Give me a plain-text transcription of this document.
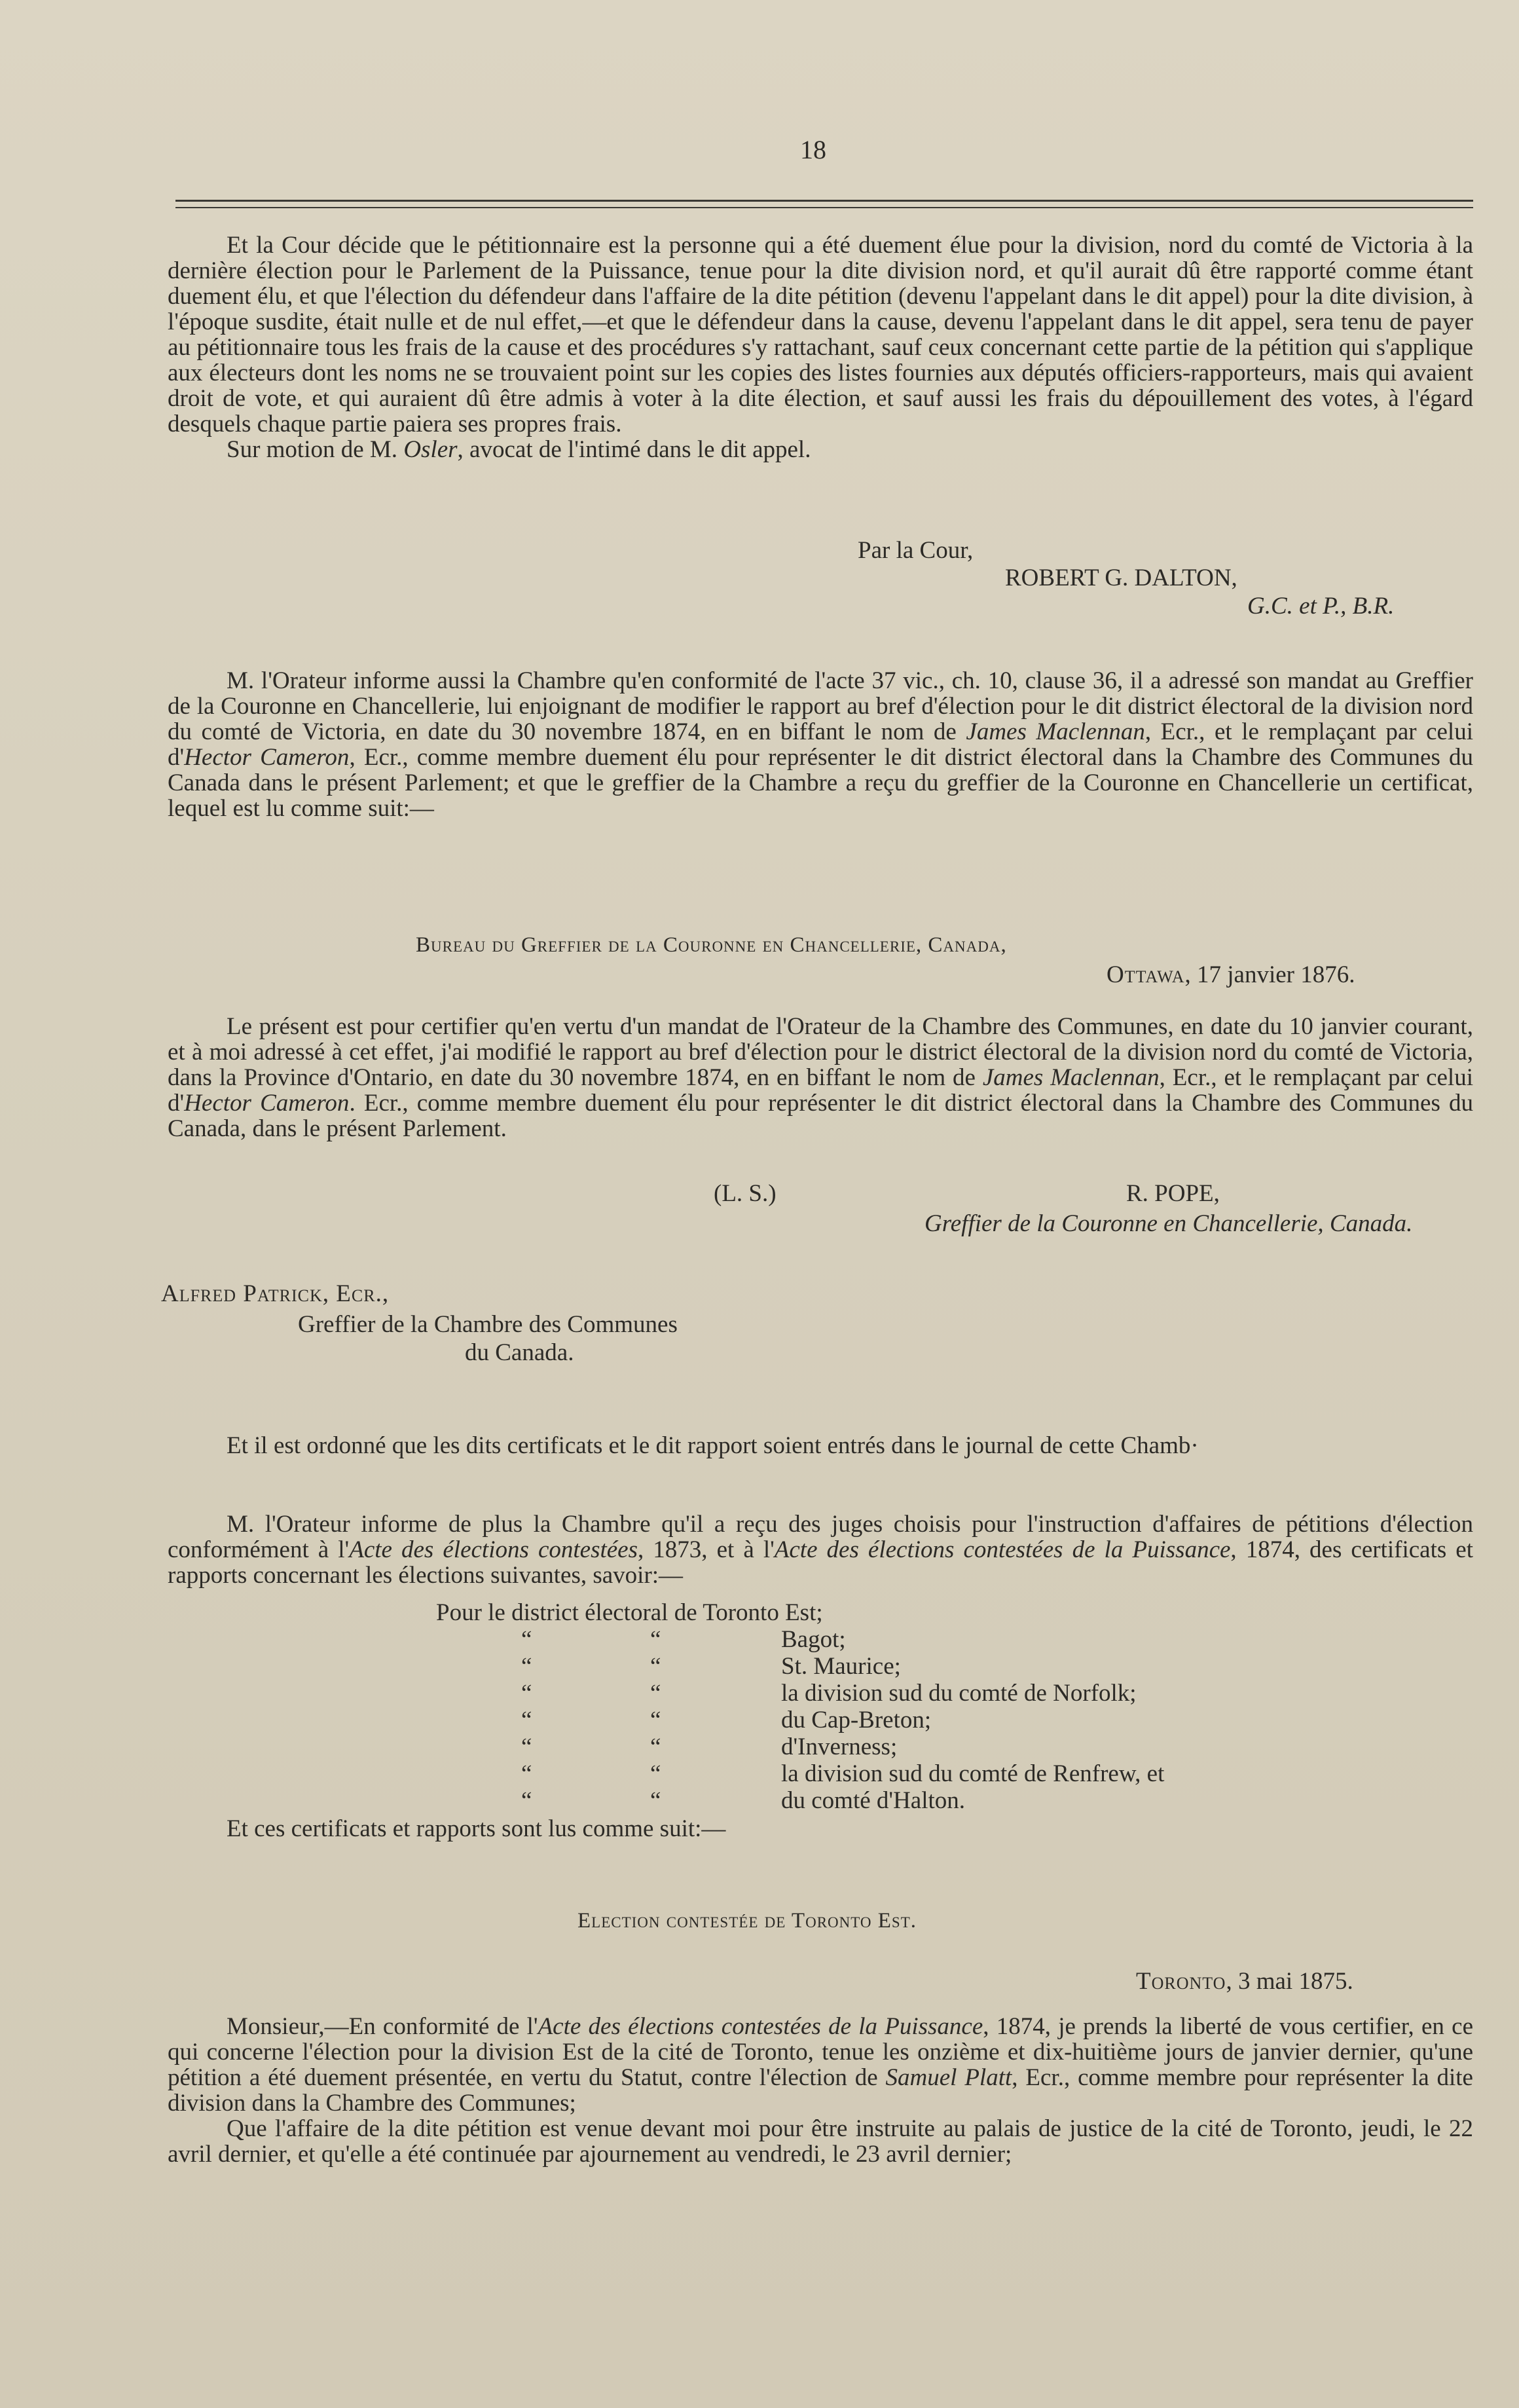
18

Et la Cour décide que le pétitionnaire est la personne qui a été duement élue pour la division, nord du comté de Victoria à la dernière élection pour le Parlement de la Puissance, tenue pour la dite division nord, et qu'il aurait dû être rapporté comme étant duement élu, et que l'élection du défendeur dans l'affaire de la dite pétition (devenu l'appelant dans le dit appel) pour la dite division, à l'époque susdite, était nulle et de nul effet,—et que le défendeur dans la cause, devenu l'appelant dans le dit appel, sera tenu de payer au pétitionnaire tous les frais de la cause et des procédures s'y rattachant, sauf ceux concernant cette partie de la pétition qui s'applique aux électeurs dont les noms ne se trouvaient point sur les copies des listes fournies aux députés officiers-rapporteurs, mais qui avaient droit de vote, et qui auraient dû être admis à voter à la dite élection, et sauf aussi les frais du dépouillement des votes, à l'égard desquels chaque partie paiera ses propres frais.

Sur motion de M. Osler, avocat de l'intimé dans le dit appel.

Par la Cour,
ROBERT G. DALTON,
G.C. et P., B.R.

M. l'Orateur informe aussi la Chambre qu'en conformité de l'acte 37 vic., ch. 10, clause 36, il a adressé son mandat au Greffier de la Couronne en Chancellerie, lui enjoignant de modifier le rapport au bref d'élection pour le dit district électoral de la division nord du comté de Victoria, en date du 30 novembre 1874, en en biffant le nom de James Maclennan, Ecr., et le remplaçant par celui d'Hector Cameron, Ecr., comme membre duement élu pour représenter le dit district électoral dans la Chambre des Communes du Canada dans le présent Parlement; et que le greffier de la Chambre a reçu du greffier de la Couronne en Chancellerie un certificat, lequel est lu comme suit:—

Bureau du Greffier de la Couronne en Chancellerie, Canada,
Ottawa, 17 janvier 1876.

Le présent est pour certifier qu'en vertu d'un mandat de l'Orateur de la Chambre des Communes, en date du 10 janvier courant, et à moi adressé à cet effet, j'ai modifié le rapport au bref d'élection pour le district électoral de la division nord du comté de Victoria, dans la Province d'Ontario, en date du 30 novembre 1874, en en biffant le nom de James Maclennan, Ecr., et le remplaçant par celui d'Hector Cameron. Ecr., comme membre duement élu pour représenter le dit district électoral dans la Chambre des Communes du Canada, dans le présent Parlement.

(L. S.)	R. POPE,
Greffier de la Couronne en Chancellerie, Canada.
Alfred Patrick, Ecr.,
Greffier de la Chambre des Communes
du Canada.

Et il est ordonné que les dits certificats et le dit rapport soient entrés dans le journal de cette Chamb·

M. l'Orateur informe de plus la Chambre qu'il a reçu des juges choisis pour l'instruction d'affaires de pétitions d'élection conformément à l'Acte des élections contestées, 1873, et à l'Acte des élections contestées de la Puissance, 1874, des certificats et rapports concernant les élections suivantes, savoir:—

Pour le district électoral de Toronto Est;
“	“	Bagot;
“	“	St. Maurice;
“	“	la division sud du comté de Norfolk;
“	“	du Cap-Breton;
“	“	d'Inverness;
“	“	la division sud du comté de Renfrew, et
“	“	du comté d'Halton.

Et ces certificats et rapports sont lus comme suit:—

Election contestée de Toronto Est.
Toronto, 3 mai 1875.

Monsieur,—En conformité de l'Acte des élections contestées de la Puissance, 1874, je prends la liberté de vous certifier, en ce qui concerne l'élection pour la division Est de la cité de Toronto, tenue les onzième et dix-huitième jours de janvier dernier, qu'une pétition a été duement présentée, en vertu du Statut, contre l'élection de Samuel Platt, Ecr., comme membre pour représenter la dite division dans la Chambre des Communes;

Que l'affaire de la dite pétition est venue devant moi pour être instruite au palais de justice de la cité de Toronto, jeudi, le 22 avril dernier, et qu'elle a été continuée par ajournement au vendredi, le 23 avril dernier;
